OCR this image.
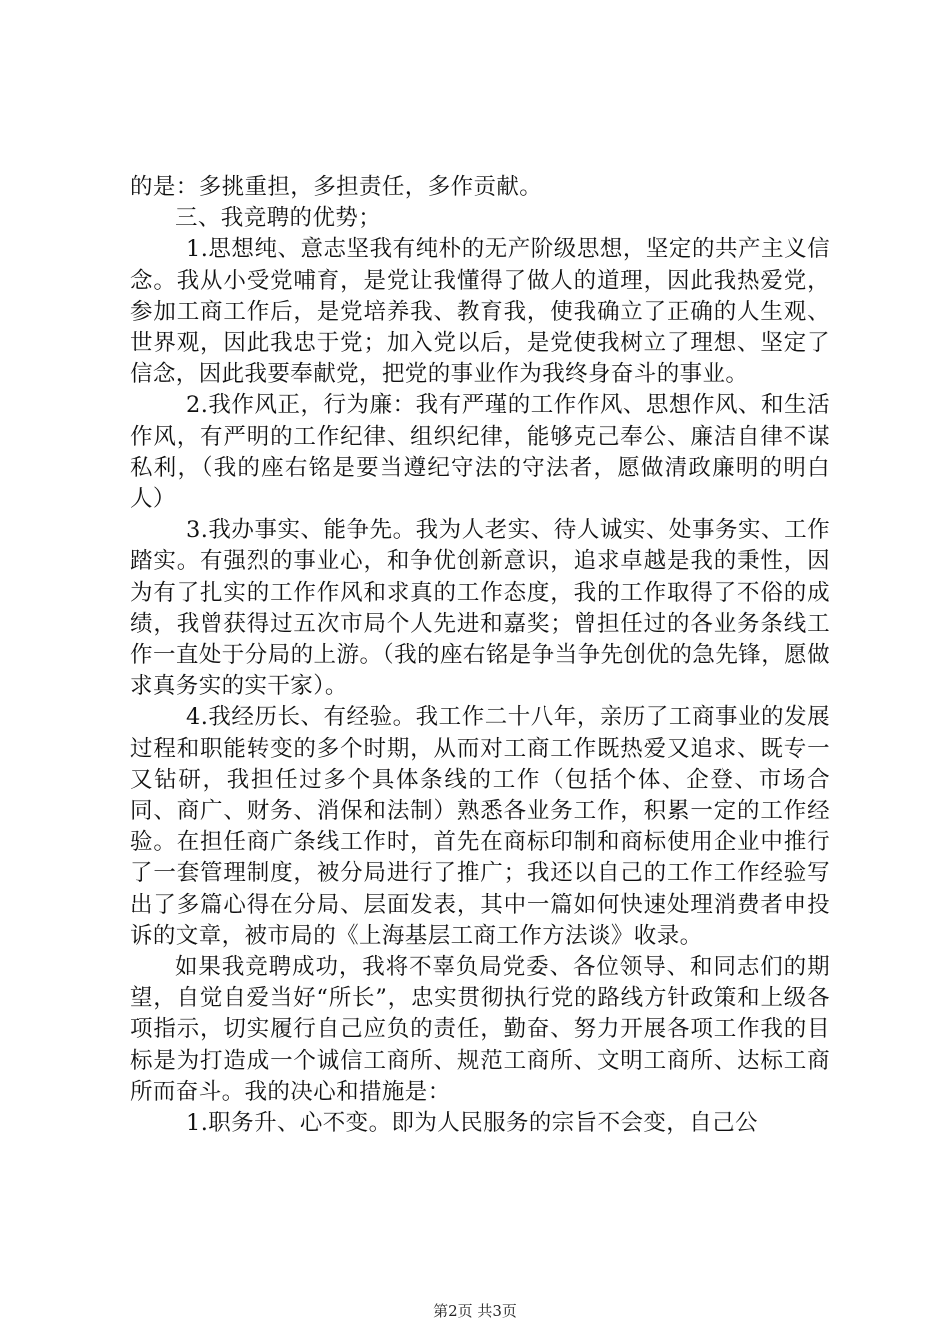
的是：多挑重担，多担责任，多作贡献。

三、我竞聘的优势；

1.思想纯、意志坚我有纯朴的无产阶级思想，坚定的共产主义信念。我从小受党哺育，是党让我懂得了做人的道理，因此我热爱党，参加工商工作后，是党培养我、教育我，使我确立了正确的人生观、世界观，因此我忠于党；加入党以后，是党使我树立了理想、坚定了信念，因此我要奉献党，把党的事业作为我终身奋斗的事业。

2.我作风正，行为廉：我有严瑾的工作作风、思想作风、和生活作风，有严明的工作纪律、组织纪律，能够克己奉公、廉洁自律不谋私利，（我的座右铭是要当遵纪守法的守法者，愿做清政廉明的明白人）

3.我办事实、能争先。我为人老实、待人诚实、处事务实、工作踏实。有强烈的事业心，和争优创新意识，追求卓越是我的秉性，因为有了扎实的工作作风和求真的工作态度，我的工作取得了不俗的成绩，我曾获得过五次市局个人先进和嘉奖；曾担任过的各业务条线工作一直处于分局的上游。（我的座右铭是争当争先创优的急先锋，愿做求真务实的实干家）。

4.我经历长、有经验。我工作二十八年，亲历了工商事业的发展过程和职能转变的多个时期，从而对工商工作既热爱又追求、既专一又钻研，我担任过多个具体条线的工作（包括个体、企登、市场合同、商广、财务、消保和法制）熟悉各业务工作，积累一定的工作经验。在担任商广条线工作时，首先在商标印制和商标使用企业中推行了一套管理制度，被分局进行了推广；我还以自己的工作工作经验写出了多篇心得在分局、层面发表，其中一篇如何快速处理消费者申投诉的文章，被市局的《上海基层工商工作方法谈》收录。

如果我竞聘成功，我将不辜负局党委、各位领导、和同志们的期望，自觉自爱当好“所长”，忠实贯彻执行党的路线方针政策和上级各项指示，切实履行自己应负的责任，勤奋、努力开展各项工作我的目标是为打造成一个诚信工商所、规范工商所、文明工商所、达标工商所而奋斗。我的决心和措施是：

1.职务升、心不变。即为人民服务的宗旨不会变，自己公

第2页 共3页
